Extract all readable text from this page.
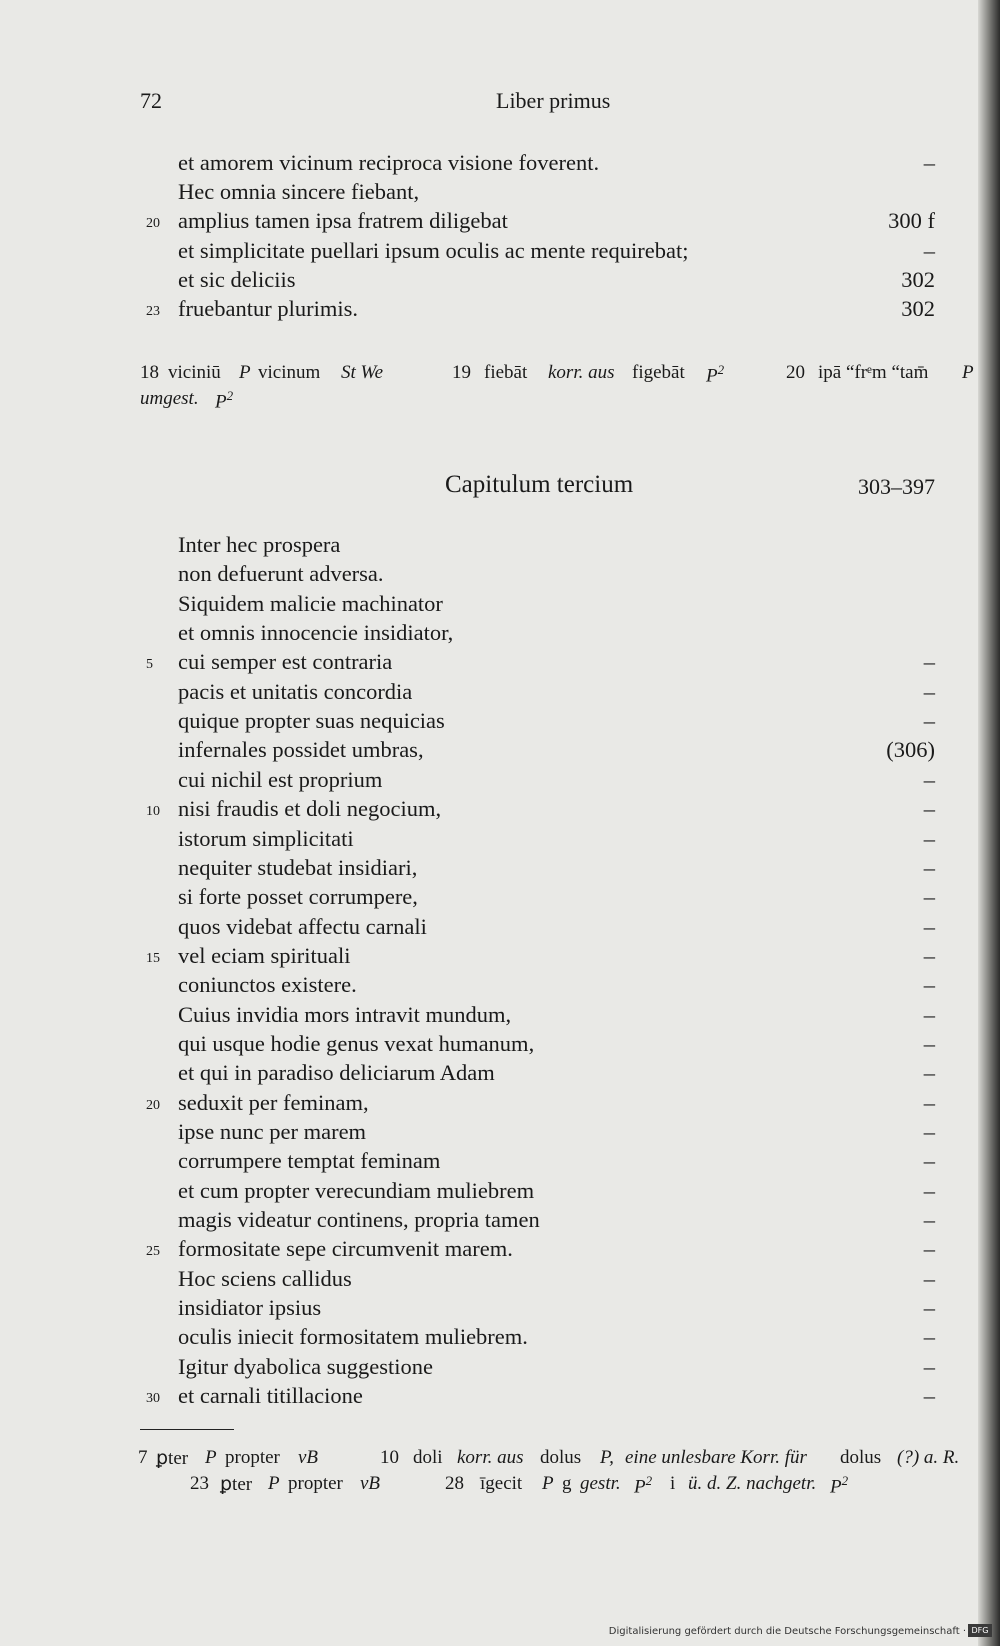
72	Liber primus
et amorem vicinum reciproca visione foverent.	–
Hec omnia sincere fiebant,
20 amplius tamen ipsa fratrem diligebat	300 f
et simplicitate puellari ipsum oculis ac mente requirebat;	–
et sic deliciis	302
23 fruebantur plurimis.	302
18 viciniū P vicinum St We
umgest. $P^2$
19 fiebāt korr. aus figebāt $P^2$	20 ipā “frᵉm “tam̄ P
Capitulum tercium	303–397
Inter hec prospera
non defuerunt adversa.
Siquidem malicie machinator
et omnis innocencie insidiator,
5 cui semper est contraria	–
pacis et unitatis concordia	–
quique propter suas nequicias	–
infernales possidet umbras,	(306)
cui nichil est proprium	–
10 nisi fraudis et doli negocium,	–
istorum simplicitati	–
nequiter studebat insidiari,	–
si forte posset corrumpere,	–
quos videbat affectu carnali	–
15 vel eciam spirituali	–
coniunctos existere.	–
Cuius invidia mors intravit mundum,	–
qui usque hodie genus vexat humanum,	–
et qui in paradiso deliciarum Adam	–
20 seduxit per feminam,	–
ipse nunc per marem	–
corrumpere temptat feminam	–
et cum propter verecundiam muliebrem	–
magis videatur continens, propria tamen	–
25 formositate sepe circumvenit marem.	–
Hoc sciens callidus	–
insidiator ipsius	–
oculis iniecit formositatem muliebrem.	–
Igitur dyabolica suggestione	–
30 et carnali titillacione	–
7 ꝑter P propter vB	10 doli korr. aus dolus P, eine unlesbare Korr. für dolus (?) a. R.
23 ꝑter P propter vB	28 īgecit P g gestr. $P^2$ i ü. d. Z. nachgetr. $P^2$
Digitalisierung gefördert durch die Deutsche Forschungsgemeinschaft · DFG
